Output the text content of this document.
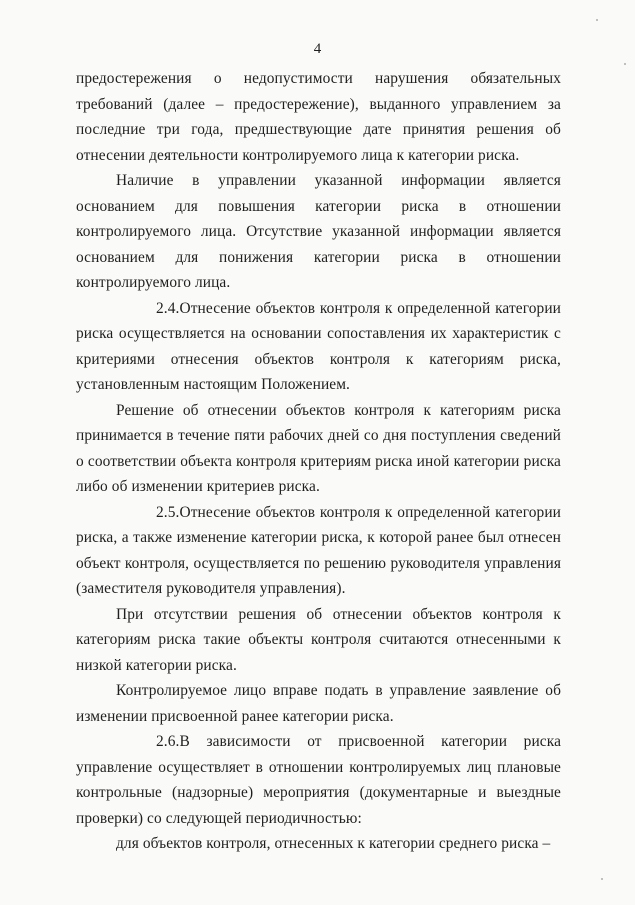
4

предостережения о недопустимости нарушения обязательных требований (далее – предостережение), выданного управлением за последние три года, предшествующие дате принятия решения об отнесении деятельности контролируемого лица к категории риска.

Наличие в управлении указанной информации является основанием для повышения категории риска в отношении контролируемого лица. Отсутствие указанной информации является основанием для понижения категории риска в отношении контролируемого лица.

2.4.Отнесение объектов контроля к определенной категории риска осуществляется на основании сопоставления их характеристик с критериями отнесения объектов контроля к категориям риска, установленным настоящим Положением.

Решение об отнесении объектов контроля к категориям риска принимается в течение пяти рабочих дней со дня поступления сведений о соответствии объекта контроля критериям риска иной категории риска либо об изменении критериев риска.

2.5.Отнесение объектов контроля к определенной категории риска, а также изменение категории риска, к которой ранее был отнесен объект контроля, осуществляется по решению руководителя управления (заместителя руководителя управления).

При отсутствии решения об отнесении объектов контроля к категориям риска такие объекты контроля считаются отнесенными к низкой категории риска.

Контролируемое лицо вправе подать в управление заявление об изменении присвоенной ранее категории риска.

2.6.В зависимости от присвоенной категории риска управление осуществляет в отношении контролируемых лиц плановые контрольные (надзорные) мероприятия (документарные и выездные проверки) со следующей периодичностью:

для объектов контроля, отнесенных к категории среднего риска –
